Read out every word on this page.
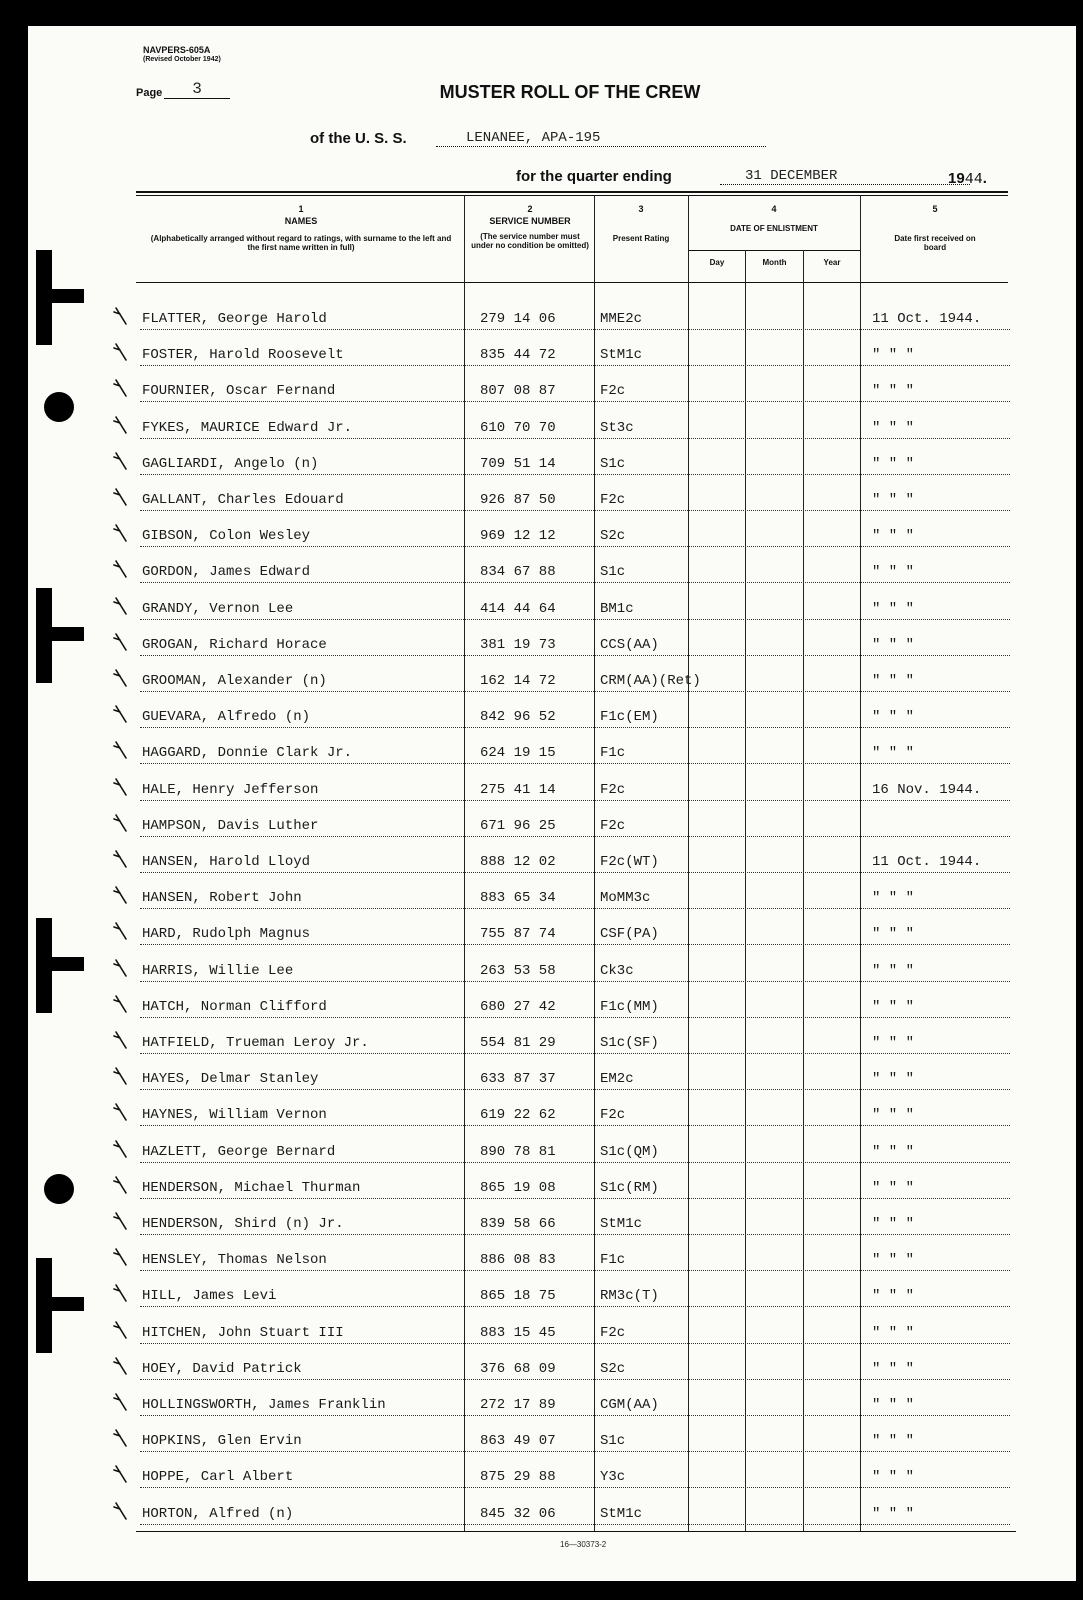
NAVPERS-605A
(Revised October 1942)
Page	3	MUSTER ROLL OF THE CREW
of the U. S. S.	LENANEE, APA-195
for the quarter ending	31 DECEMBER	1944.
1
NAMES
(Alphabetically arranged without regard to ratings, with surname to the left and the first name written in full)
2
SERVICE NUMBER
(The service number must under no condition be omitted)
3
Present Rating
4
DATE OF ENLISTMENT
Day	Month	Year
5
Date first received on board
FLATTER, George Harold	279 14 06	MME2c	11 Oct. 1944.
FOSTER, Harold Roosevelt	835 44 72	StM1c	" " "
FOURNIER, Oscar Fernand	807 08 87	F2c	" " "
FYKES, MAURICE Edward Jr.	610 70 70	St3c	" " "
GAGLIARDI, Angelo (n)	709 51 14	S1c	" " "
GALLANT, Charles Edouard	926 87 50	F2c	" " "
GIBSON, Colon Wesley	969 12 12	S2c	" " "
GORDON, James Edward	834 67 88	S1c	" " "
GRANDY, Vernon Lee	414 44 64	BM1c	" " "
GROGAN, Richard Horace	381 19 73	CCS(AA)	" " "
GROOMAN, Alexander (n)	162 14 72	CRM(AA)(Ret)	" " "
GUEVARA, Alfredo (n)	842 96 52	F1c(EM)	" " "
HAGGARD, Donnie Clark Jr.	624 19 15	F1c	" " "
HALE, Henry Jefferson	275 41 14	F2c	16 Nov. 1944.
HAMPSON, Davis Luther	671 96 25	F2c
HANSEN, Harold Lloyd	888 12 02	F2c(WT)	11 Oct. 1944.
HANSEN, Robert John	883 65 34	MoMM3c	" " "
HARD, Rudolph Magnus	755 87 74	CSF(PA)	" " "
HARRIS, Willie Lee	263 53 58	Ck3c	" " "
HATCH, Norman Clifford	680 27 42	F1c(MM)	" " "
HATFIELD, Trueman Leroy Jr.	554 81 29	S1c(SF)	" " "
HAYES, Delmar Stanley	633 87 37	EM2c	" " "
HAYNES, William Vernon	619 22 62	F2c	" " "
HAZLETT, George Bernard	890 78 81	S1c(QM)	" " "
HENDERSON, Michael Thurman	865 19 08	S1c(RM)	" " "
HENDERSON, Shird (n) Jr.	839 58 66	StM1c	" " "
HENSLEY, Thomas Nelson	886 08 83	F1c	" " "
HILL, James Levi	865 18 75	RM3c(T)	" " "
HITCHEN, John Stuart III	883 15 45	F2c	" " "
HOEY, David Patrick	376 68 09	S2c	" " "
HOLLINGSWORTH, James Franklin	272 17 89	CGM(AA)	" " "
HOPKINS, Glen Ervin	863 49 07	S1c	" " "
HOPPE, Carl Albert	875 29 88	Y3c	" " "
HORTON, Alfred (n)	845 32 06	StM1c	" " "
16—30373-2
